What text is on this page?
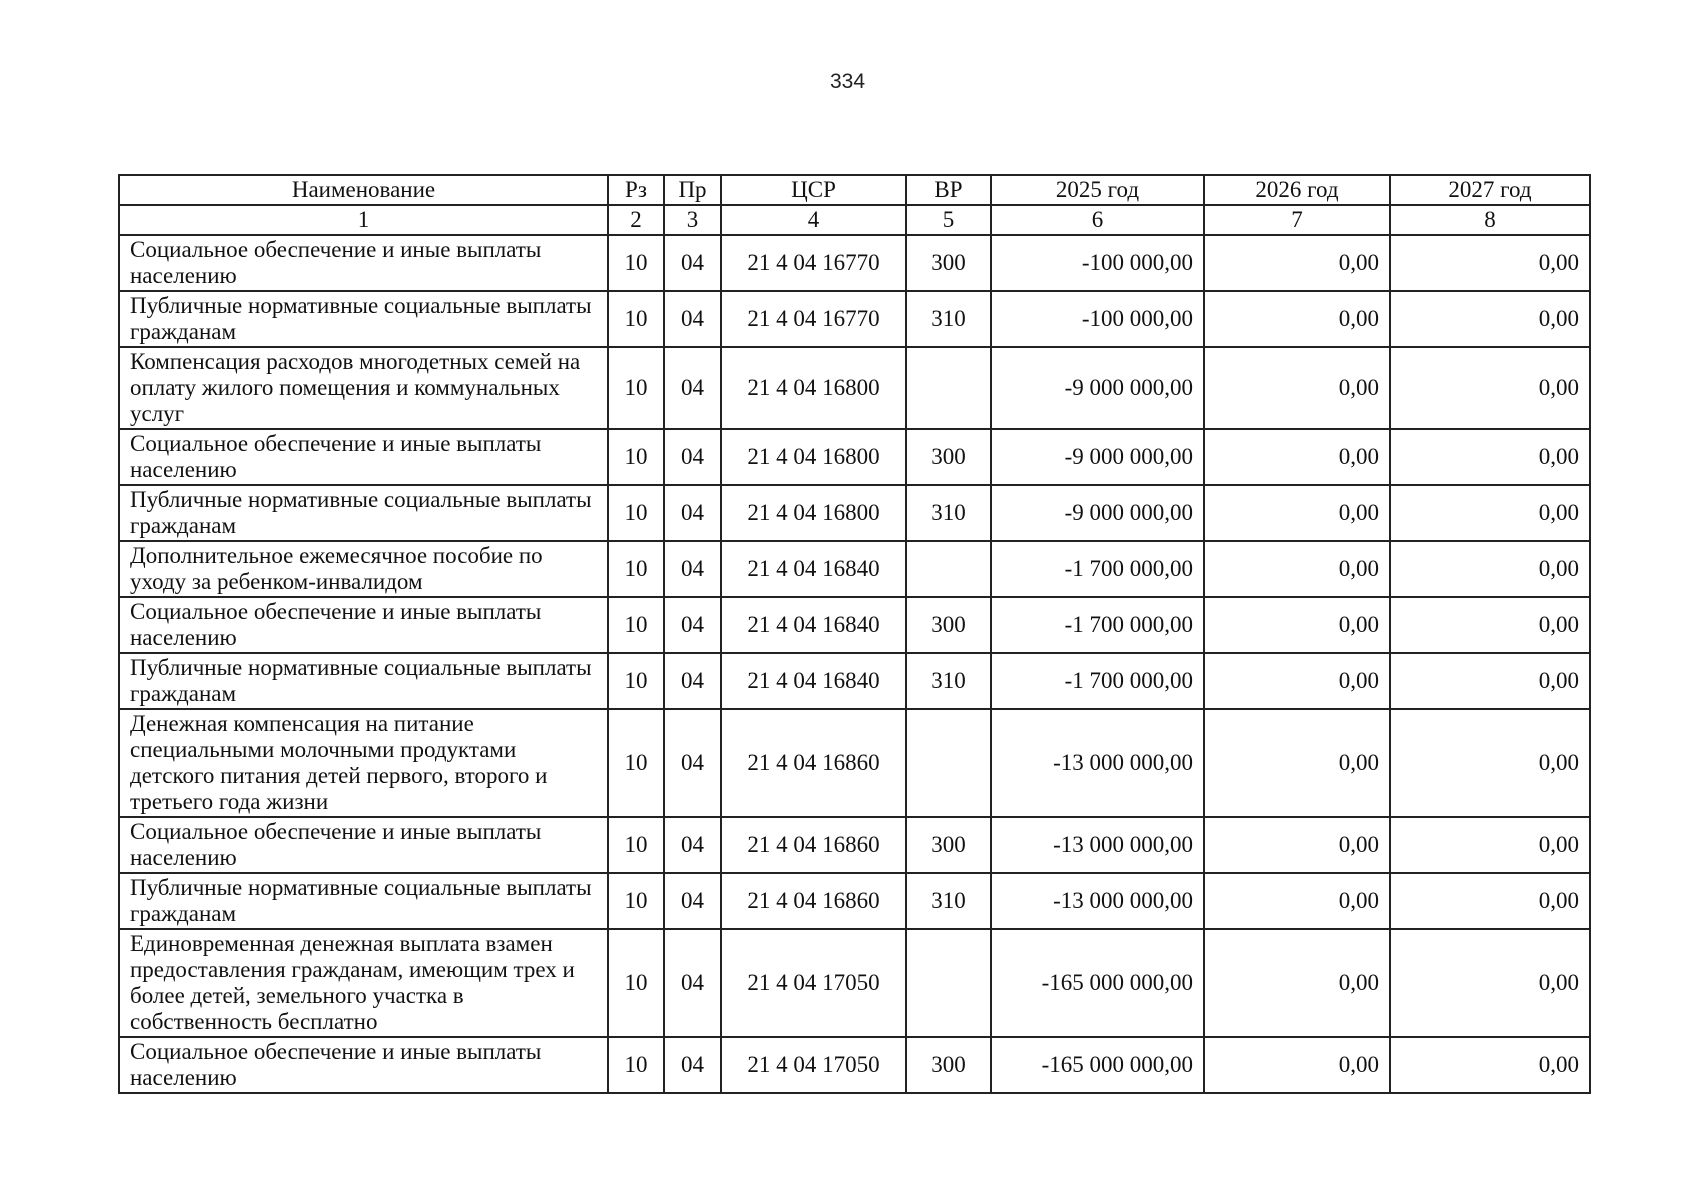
334
Наименование	Рз	Пр	ЦСР	ВР	2025 год	2026 год	2027 год
1	2	3	4	5	6	7	8
Социальное обеспечение и иные выплаты населению	10	04	21 4 04 16770	300	-100 000,00	0,00	0,00
Публичные нормативные социальные выплаты гражданам	10	04	21 4 04 16770	310	-100 000,00	0,00	0,00
Компенсация расходов многодетных семей на оплату жилого помещения и коммунальных услуг	10	04	21 4 04 16800		-9 000 000,00	0,00	0,00
Социальное обеспечение и иные выплаты населению	10	04	21 4 04 16800	300	-9 000 000,00	0,00	0,00
Публичные нормативные социальные выплаты гражданам	10	04	21 4 04 16800	310	-9 000 000,00	0,00	0,00
Дополнительное ежемесячное пособие по уходу за ребенком-инвалидом	10	04	21 4 04 16840		-1 700 000,00	0,00	0,00
Социальное обеспечение и иные выплаты населению	10	04	21 4 04 16840	300	-1 700 000,00	0,00	0,00
Публичные нормативные социальные выплаты гражданам	10	04	21 4 04 16840	310	-1 700 000,00	0,00	0,00
Денежная компенсация на питание специальными молочными продуктами детского питания детей первого, второго и третьего года жизни	10	04	21 4 04 16860		-13 000 000,00	0,00	0,00
Социальное обеспечение и иные выплаты населению	10	04	21 4 04 16860	300	-13 000 000,00	0,00	0,00
Публичные нормативные социальные выплаты гражданам	10	04	21 4 04 16860	310	-13 000 000,00	0,00	0,00
Единовременная денежная выплата взамен предоставления гражданам, имеющим трех и более детей, земельного участка в собственность бесплатно	10	04	21 4 04 17050		-165 000 000,00	0,00	0,00
Социальное обеспечение и иные выплаты населению	10	04	21 4 04 17050	300	-165 000 000,00	0,00	0,00
